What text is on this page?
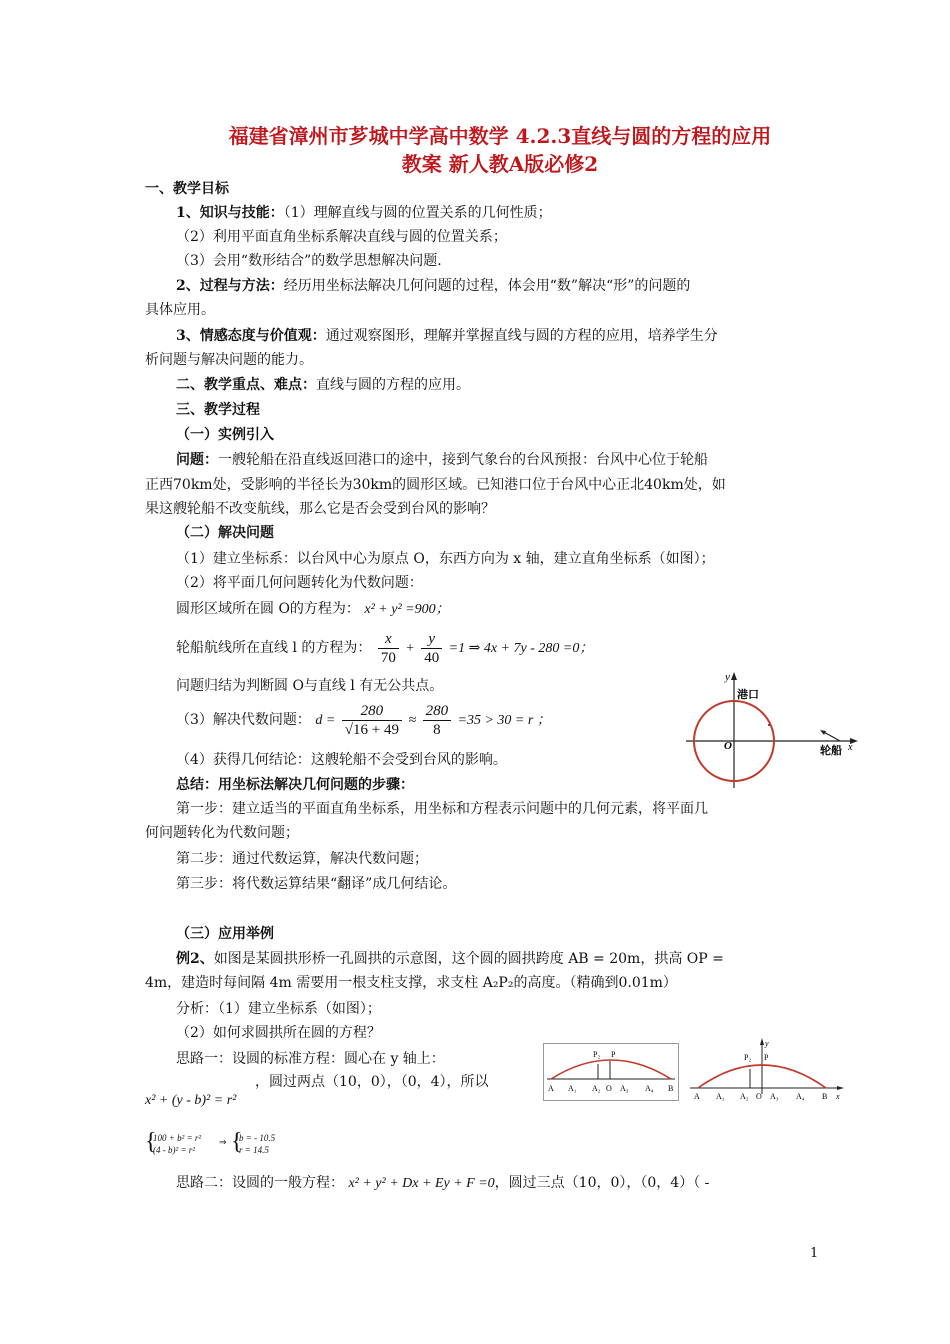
福建省漳州市芗城中学高中数学 4.2.3直线与圆的方程的应用
教案 新人教A版必修2
一、教学目标
1、知识与技能：（1）理解直线与圆的位置关系的几何性质；
（2）利用平面直角坐标系解决直线与圆的位置关系；
（3）会用“数形结合”的数学思想解决问题.
2、过程与方法：经历用坐标法解决几何问题的过程，体会用“数”解决“形”的问题的
具体应用。
3、情感态度与价值观：通过观察图形，理解并掌握直线与圆的方程的应用，培养学生分
析问题与解决问题的能力。
二、教学重点、难点：直线与圆的方程的应用。
三、教学过程
（一）实例引入
问题：一艘轮船在沿直线返回港口的途中，接到气象台的台风预报：台风中心位于轮船
正西70km处，受影响的半径长为30km的圆形区域。已知港口位于台风中心正北40km处，如
果这艘轮船不改变航线，那么它是否会受到台风的影响？
（二）解决问题
（1）建立坐标系：以台风中心为原点 O，东西方向为 x 轴，建立直角坐标系（如图）；
（2）将平面几何问题转化为代数问题：
圆形区域所在圆 O的方程为： x² + y² =900；
轮船航线所在直线 l 的方程为： $\frac{x}{70} + \frac{y}{40} =1$ ⇒ 4x + 7y - 280 =0；
问题归结为判断圆 O与直线 l 有无公共点。
（3）解决代数问题： $d = \frac{280}{√16 + 49} \approx \frac{280}{8} =35 > 30 = r$ ；
（4）获得几何结论：这艘轮船不会受到台风的影响。
总结：用坐标法解决几何问题的步骤：
第一步：建立适当的平面直角坐标系，用坐标和方程表示问题中的几何元素，将平面几
何问题转化为代数问题；
第二步：通过代数运算，解决代数问题；
第三步：将代数运算结果“翻译”成几何结论。
（三）应用举例
例2、如图是某圆拱形桥一孔圆拱的示意图，这个圆的圆拱跨度 AB = 20m，拱高 OP =
4m，建造时每间隔 4m 需要用一根支柱支撑，求支柱 A₂P₂的高度。（精确到0.01m）
分析：（1）建立坐标系（如图）；
（2）如何求圆拱所在圆的方程？
思路一：设圆的标准方程：圆心在 y 轴上：
，圆过两点（10，0），（0，4），所以
x² + (y - b)² = r²
{
100 + b² = r²
(4 - b)² = r²
⇒ {
b = - 10.5
r = 14.5
思路二：设圆的一般方程： x² + y² + Dx + Ey + F =0，圆过三点（10，0），（0，4）（ -
y
港口
O	轮船 x
P₂ P
A A₁ A₂ O A₃ A₄ B
P₂ P
y
A A₁ A₂ O A₃ A₄ B x
1
